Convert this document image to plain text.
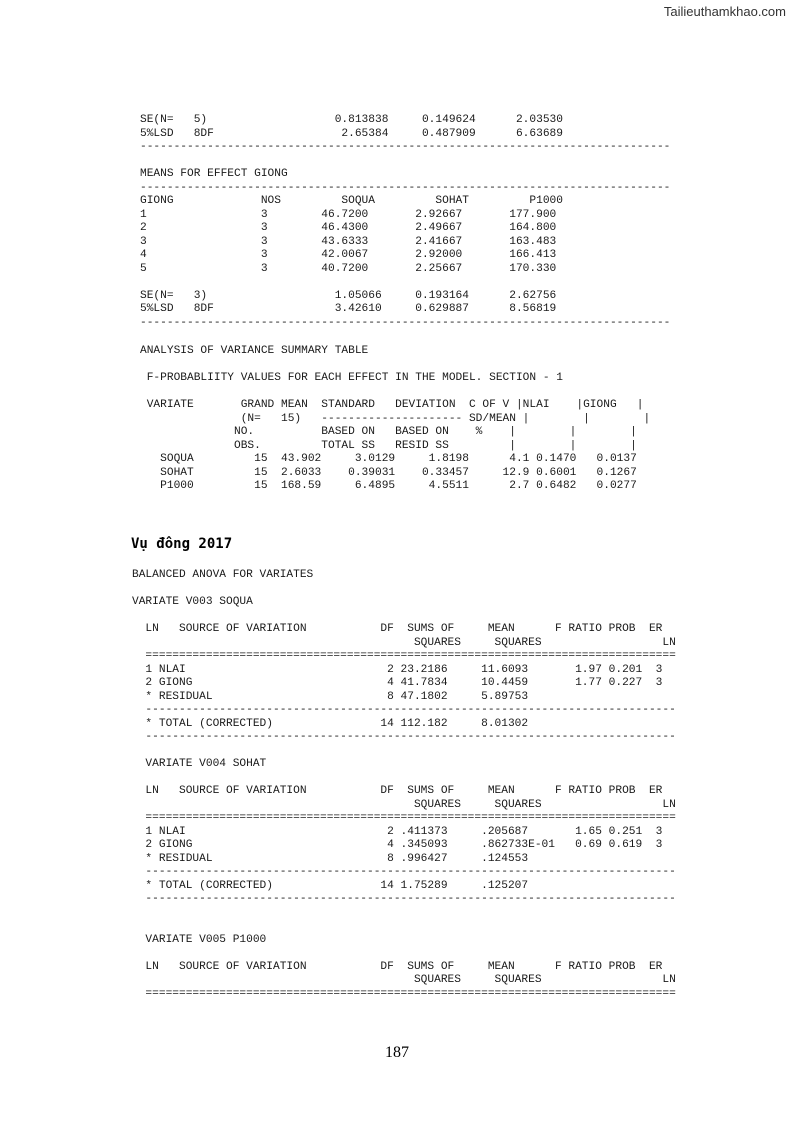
Tailieuthamkhao.com
SE(N=   5)                   0.813838     0.149624      2.03530
5%LSD   8DF                   2.65384     0.487909      6.63689
-------------------------------------------------------------------------------
MEANS FOR EFFECT GIONG
-------------------------------------------------------------------------------
GIONG             NOS         SOQUA         SOHAT         P1000
1                 3        46.7200       2.92667       177.900
2                 3        46.4300       2.49667       164.800
3                 3        43.6333       2.41667       163.483
4                 3        42.0067       2.92000       166.413
5                 3        40.7200       2.25667       170.330

SE(N=   3)                   1.05066     0.193164      2.62756
5%LSD   8DF                  3.42610     0.629887      8.56819
-------------------------------------------------------------------------------
ANALYSIS OF VARIANCE SUMMARY TABLE

F-PROBABLIITY VALUES FOR EACH EFFECT IN THE MODEL. SECTION - 1

VARIATE       GRAND MEAN  STANDARD   DEVIATION  C OF V |NLAI    |GIONG   |
(N=   15)   --------------------- SD/MEAN |        |        |
NO.          BASED ON   BASED ON    %    |        |        |
OBS.         TOTAL SS   RESID SS         |        |        |
SOQUA         15  43.902     3.0129     1.8198      4.1 0.1470   0.0137
SOHAT         15  2.6033    0.39031    0.33457     12.9 0.6001   0.1267
P1000         15  168.59     6.4895     4.5511      2.7 0.6482   0.0277
Vụ đông 2017
BALANCED ANOVA FOR VARIATES

VARIATE V003 SOQUA

LN   SOURCE OF VARIATION           DF  SUMS OF     MEAN      F RATIO PROB  ER
SQUARES     SQUARES                  LN
===============================================================================
1 NLAI                              2 23.2186     11.6093       1.97 0.201  3
2 GIONG                             4 41.7834     10.4459       1.77 0.227  3
* RESIDUAL                          8 47.1802     5.89753
-------------------------------------------------------------------------------
* TOTAL (CORRECTED)                14 112.182     8.01302
-------------------------------------------------------------------------------

VARIATE V004 SOHAT

LN   SOURCE OF VARIATION           DF  SUMS OF     MEAN      F RATIO PROB  ER
SQUARES     SQUARES                  LN
===============================================================================
1 NLAI                              2 .411373     .205687       1.65 0.251  3
2 GIONG                             4 .345093     .862733E-01   0.69 0.619  3
* RESIDUAL                          8 .996427     .124553
-------------------------------------------------------------------------------
* TOTAL (CORRECTED)                14 1.75289     .125207
-------------------------------------------------------------------------------

VARIATE V005 P1000

LN   SOURCE OF VARIATION           DF  SUMS OF     MEAN      F RATIO PROB  ER
SQUARES     SQUARES                  LN
===============================================================================
187
